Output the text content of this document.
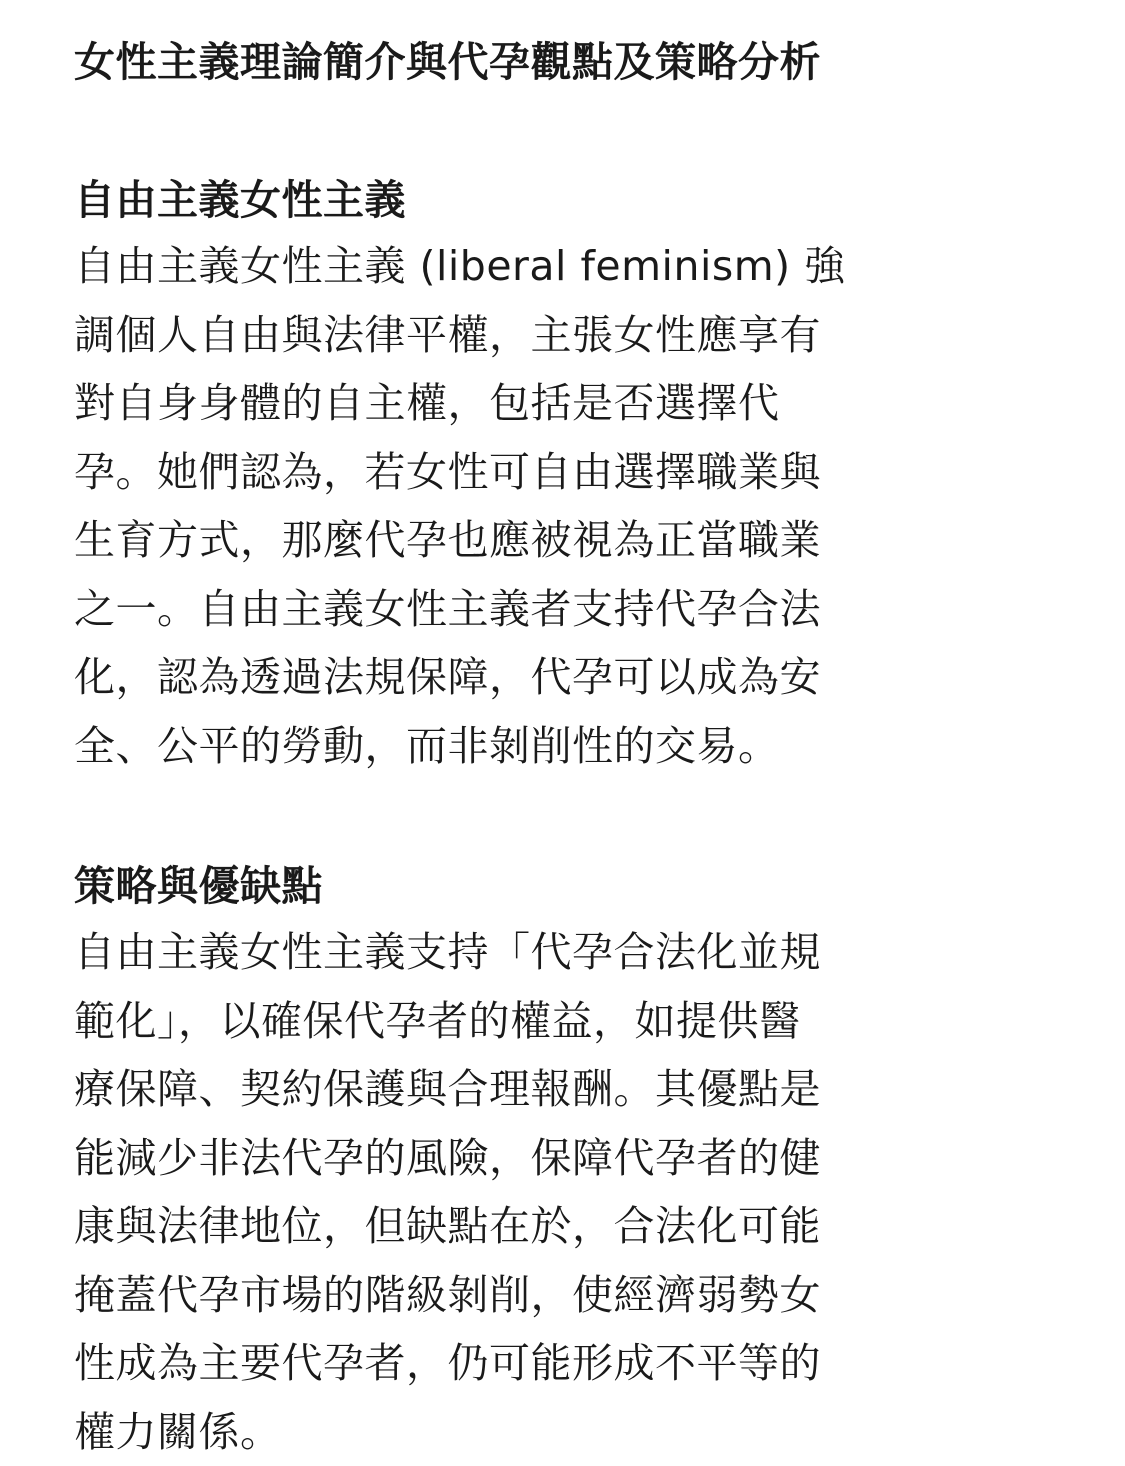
女性主義理論簡介與代孕觀點及策略分析
自由主義女性主義

自由主義女性主義 (liberal feminism) 強

調個人自由與法律平權，主張女性應享有

對自身身體的自主權，包括是否選擇代

孕。她們認為，若女性可自由選擇職業與

生育方式，那麼代孕也應被視為正當職業

之一。自由主義女性主義者支持代孕合法

化，認為透過法規保障，代孕可以成為安

全、公平的勞動，而非剝削性的交易。

策略與優缺點

自由主義女性主義支持「代孕合法化並規

範化」，以確保代孕者的權益，如提供醫

療保障、契約保護與合理報酬。其優點是

能減少非法代孕的風險，保障代孕者的健

康與法律地位，但缺點在於，合法化可能

掩蓋代孕市場的階級剝削，使經濟弱勢女

性成為主要代孕者，仍可能形成不平等的

權力關係。
